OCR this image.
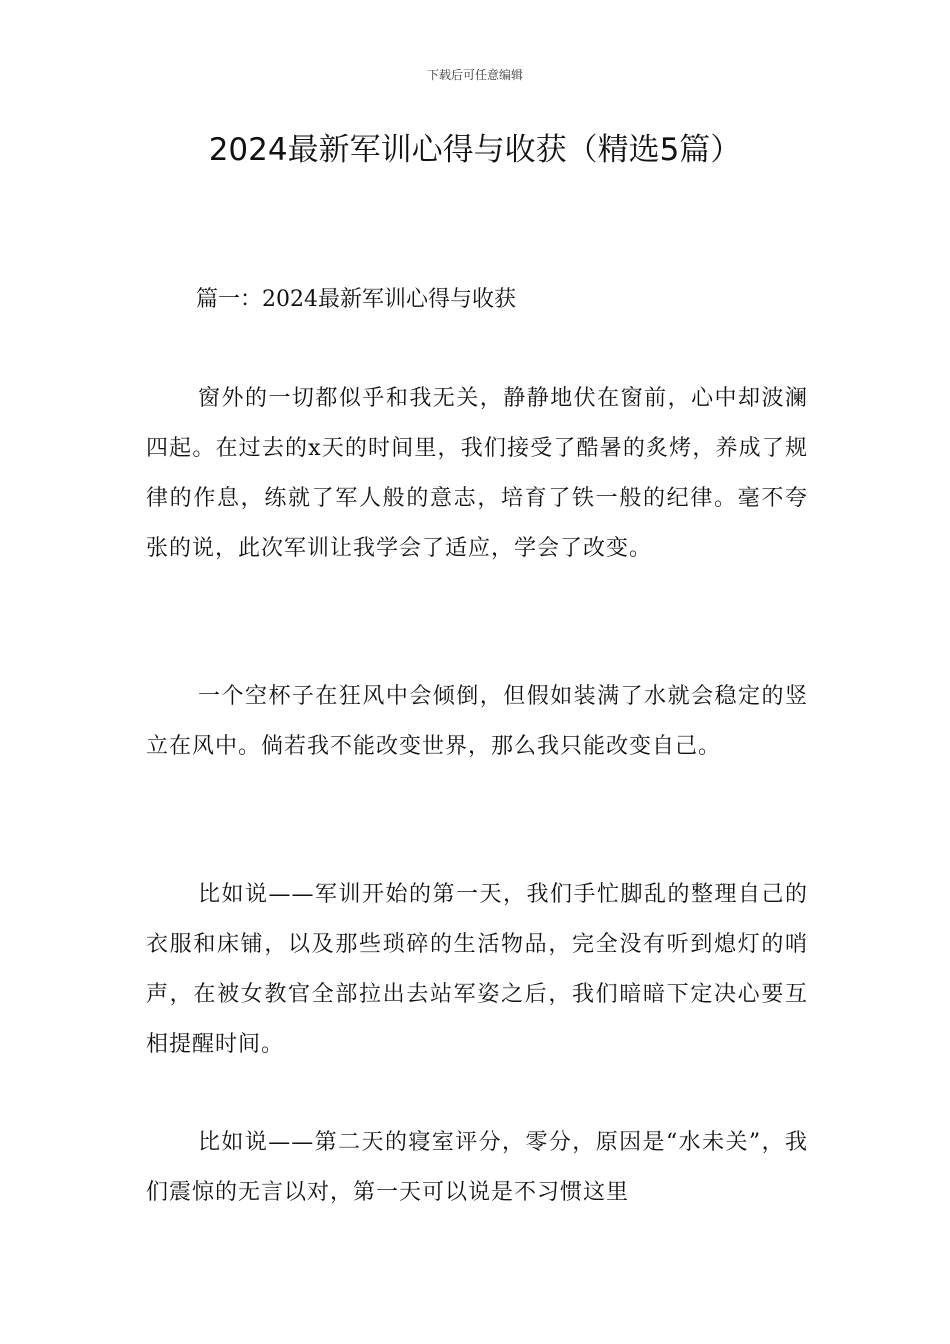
下载后可任意编辑
2024最新军训心得与收获（精选5篇）
篇一：2024最新军训心得与收获

窗外的一切都似乎和我无关，静静地伏在窗前，心中却波澜四起。在过去的x天的时间里，我们接受了酷暑的炙烤，养成了规律的作息，练就了军人般的意志，培育了铁一般的纪律。毫不夸张的说，此次军训让我学会了适应，学会了改变。

一个空杯子在狂风中会倾倒，但假如装满了水就会稳定的竖立在风中。倘若我不能改变世界，那么我只能改变自己。

比如说——军训开始的第一天，我们手忙脚乱的整理自己的衣服和床铺，以及那些琐碎的生活物品，完全没有听到熄灯的哨声，在被女教官全部拉出去站军姿之后，我们暗暗下定决心要互相提醒时间。

比如说——第二天的寝室评分，零分，原因是“水未关”，我们震惊的无言以对，第一天可以说是不习惯这里
